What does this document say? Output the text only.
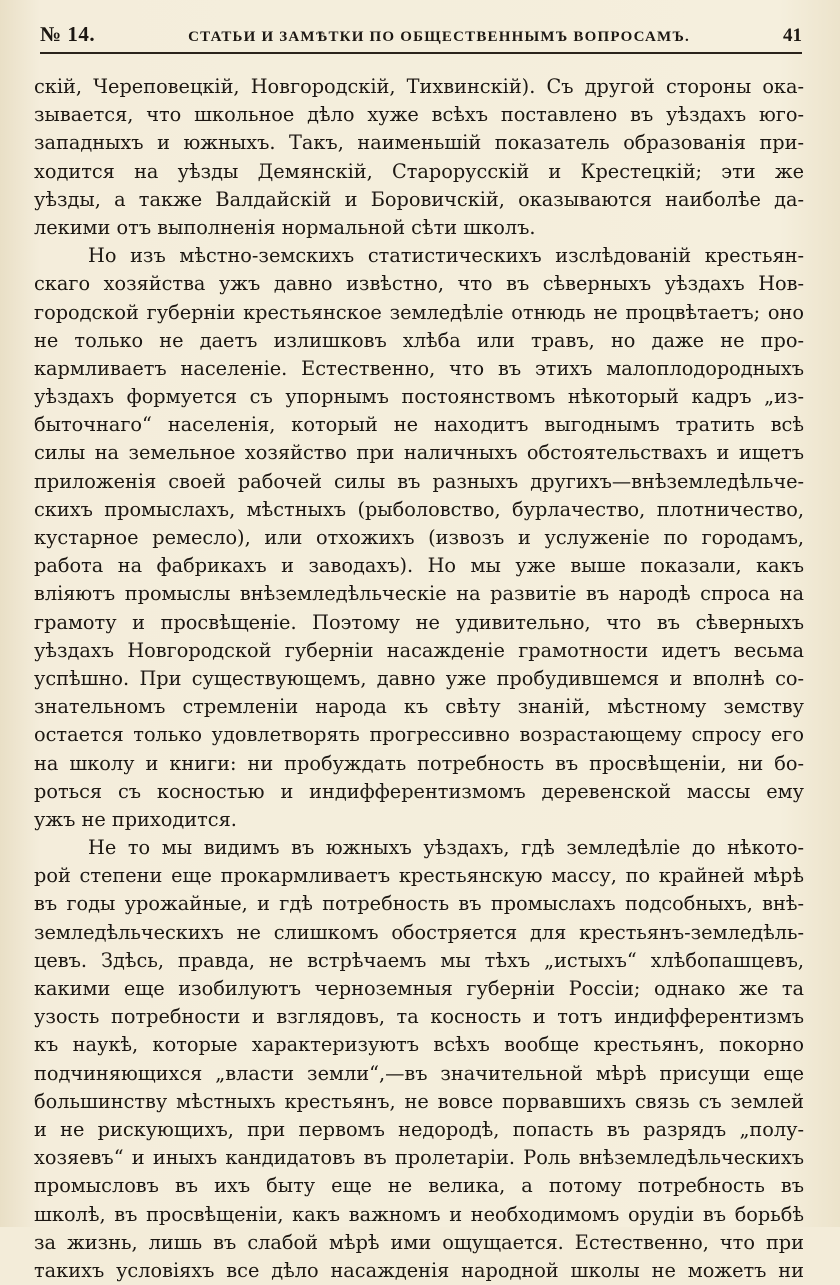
№ 14.	СТАТЬИ И ЗАМѢТКИ ПО ОБЩЕСТВЕННЫМЪ ВОПРОСАМЪ.	41
скій, Череповецкій, Новгородскій, Тихвинскій). Съ другой стороны ока-
зывается, что школьное дѣло хуже всѣхъ поставлено въ уѣздахъ юго-
западныхъ и южныхъ. Такъ, наименьшій показатель образованія при-
ходится на уѣзды Демянскій, Старорусскій и Крестецкій; эти же
уѣзды, а также Валдайскій и Боровичскій, оказываются наиболѣе да-
лекими отъ выполненія нормальной сѣти школъ.
Но изъ мѣстно-земскихъ статистическихъ изслѣдованій крестьян-
скаго хозяйства ужъ давно извѣстно, что въ сѣверныхъ уѣздахъ Нов-
городской губерніи крестьянское земледѣліе отнюдь не процвѣтаетъ; оно
не только не даетъ излишковъ хлѣба или травъ, но даже не про-
кармливаетъ населеніе. Естественно, что въ этихъ малоплодородныхъ
уѣздахъ формуется съ упорнымъ постоянствомъ нѣкоторый кадръ „из-
быточнаго“ населенія, который не находитъ выгоднымъ тратить всѣ
силы на земельное хозяйство при наличныхъ обстоятельствахъ и ищетъ
приложенія своей рабочей силы въ разныхъ другихъ—внѣземледѣльче-
скихъ промыслахъ, мѣстныхъ (рыболовство, бурлачество, плотничество,
кустарное ремесло), или отхожихъ (извозъ и услуженіе по городамъ,
работа на фабрикахъ и заводахъ). Но мы уже выше показали, какъ
вліяютъ промыслы внѣземледѣльческіе на развитіе въ народѣ спроса на
грамоту и просвѣщеніе. Поэтому не удивительно, что въ сѣверныхъ
уѣздахъ Новгородской губерніи насажденіе грамотности идетъ весьма
успѣшно. При существующемъ, давно уже пробудившемся и вполнѣ со-
знательномъ стремленіи народа къ свѣту знаній, мѣстному земству
остается только удовлетворять прогрессивно возрастающему спросу его
на школу и книги: ни пробуждать потребность въ просвѣщеніи, ни бо-
роться съ косностью и индифферентизмомъ деревенской массы ему
ужъ не приходится.
Не то мы видимъ въ южныхъ уѣздахъ, гдѣ земледѣліе до нѣкото-
рой степени еще прокармливаетъ крестьянскую массу, по крайней мѣрѣ
въ годы урожайные, и гдѣ потребность въ промыслахъ подсобныхъ, внѣ-
земледѣльческихъ не слишкомъ обостряется для крестьянъ-земледѣль-
цевъ. Здѣсь, правда, не встрѣчаемъ мы тѣхъ „истыхъ“ хлѣбопашцевъ,
какими еще изобилуютъ черноземныя губерніи Россіи; однако же та
узость потребности и взглядовъ, та косность и тотъ индифферентизмъ
къ наукѣ, которые характеризуютъ всѣхъ вообще крестьянъ, покорно
подчиняющихся „власти земли“,—въ значительной мѣрѣ присущи еще
большинству мѣстныхъ крестьянъ, не вовсе порвавшихъ связь съ землей
и не рискующихъ, при первомъ недородѣ, попасть въ разрядъ „полу-
хозяевъ“ и иныхъ кандидатовъ въ пролетаріи. Роль внѣземледѣльческихъ
промысловъ въ ихъ быту еще не велика, а потому потребность въ
школѣ, въ просвѣщеніи, какъ важномъ и необходимомъ орудіи въ борьбѣ
за жизнь, лишь въ слабой мѣрѣ ими ощущается. Естественно, что при
такихъ условіяхъ все дѣло насажденія народной школы не можетъ ни
